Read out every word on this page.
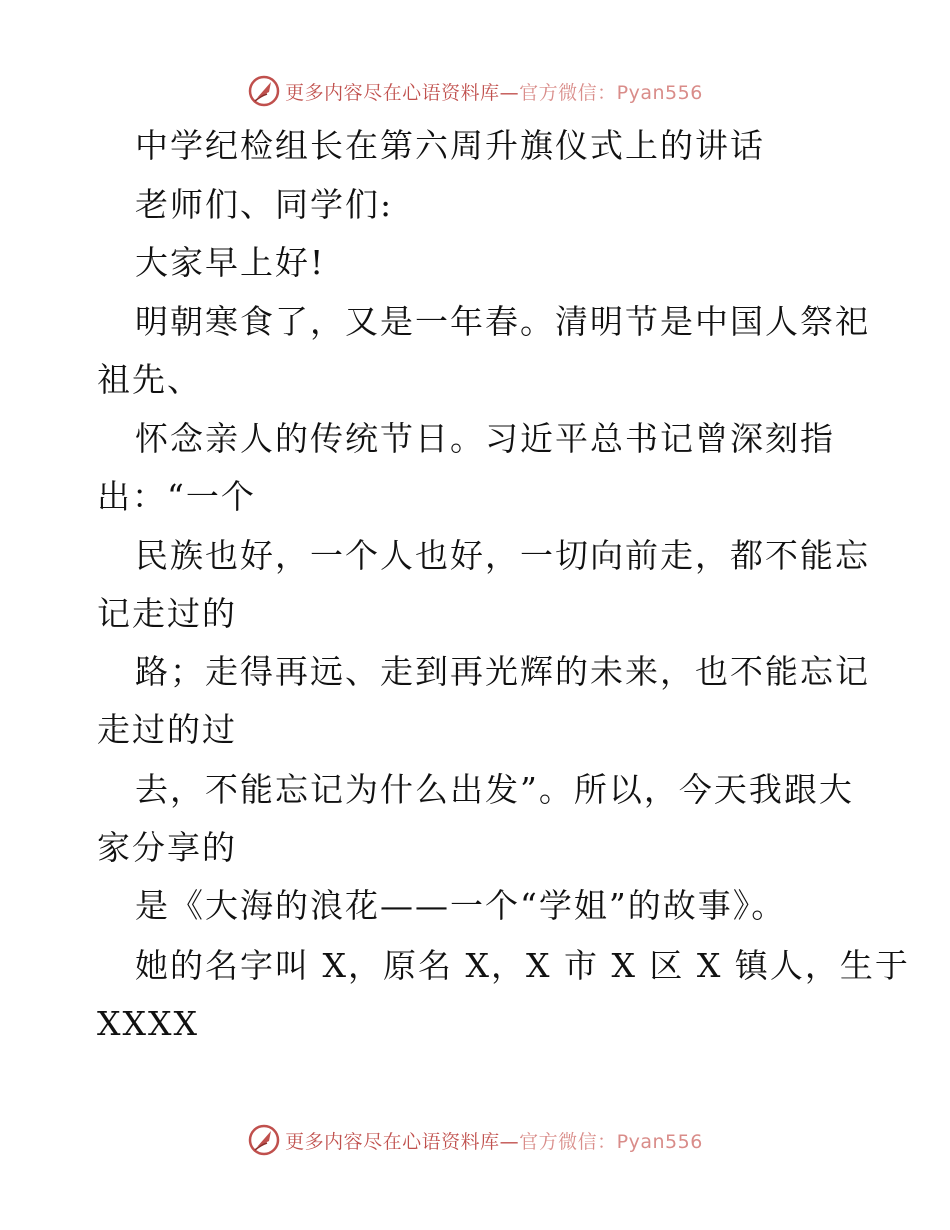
更多内容尽在心语资料库—官方微信：Pyan556
中学纪检组长在第六周升旗仪式上的讲话
老师们、同学们:
大家早上好!
明朝寒食了，又是一年春。清明节是中国人祭祀
祖先、
怀念亲人的传统节日。习近平总书记曾深刻指
出：“一个
民族也好，一个人也好，一切向前走，都不能忘
记走过的
路；走得再远、走到再光辉的未来，也不能忘记
走过的过
去，不能忘记为什么出发”。所以，今天我跟大
家分享的
是《大海的浪花——一个“学姐”的故事》。
她的名字叫 X，原名 X，X 市 X 区 X 镇人，生于
XXXX
更多内容尽在心语资料库—官方微信：Pyan556
